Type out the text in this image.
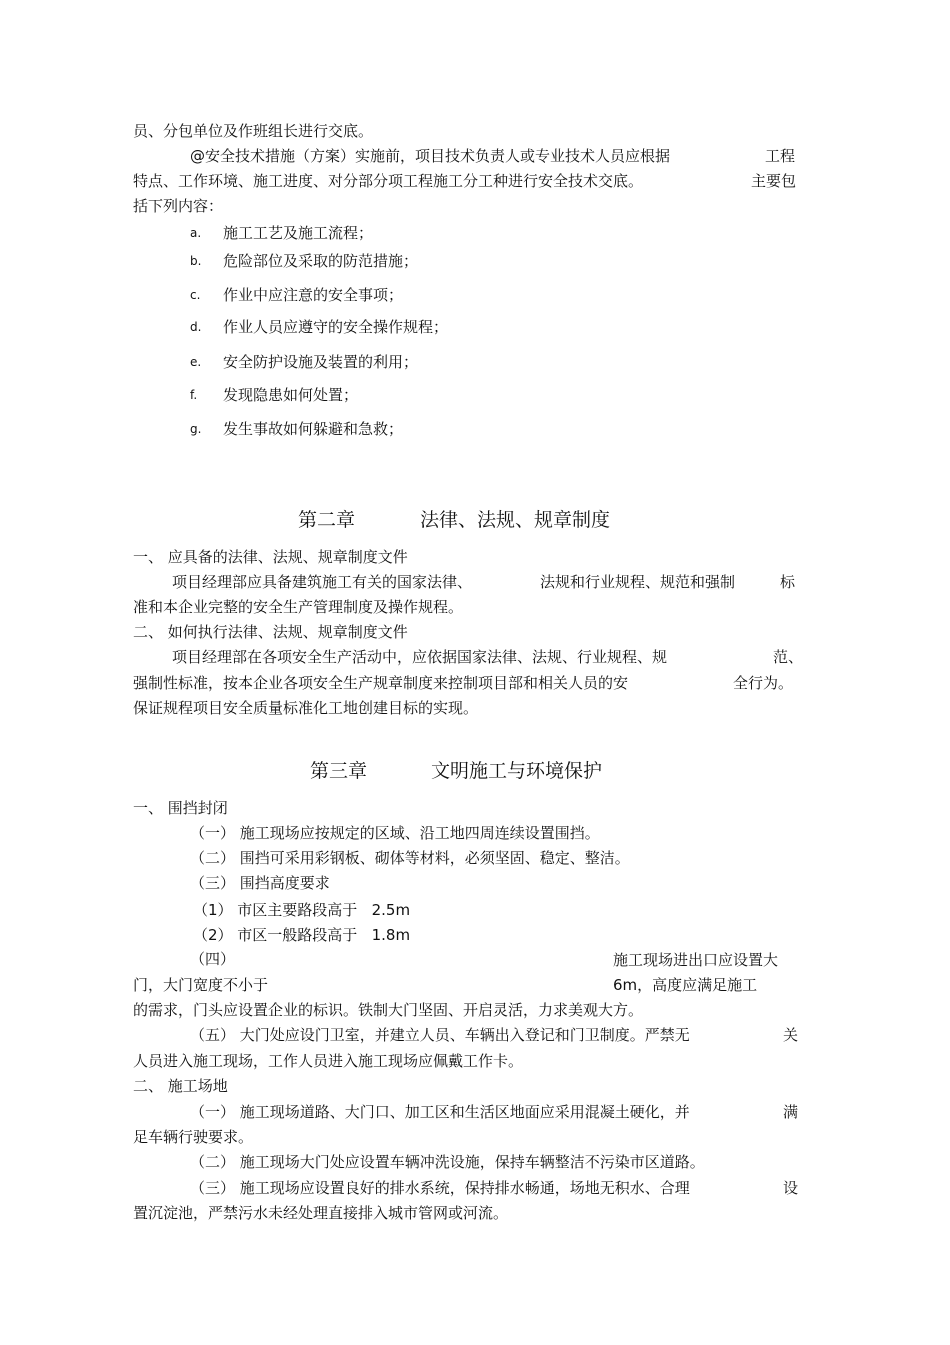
员、分包单位及作班组长进行交底。
@安全技术措施（方案）实施前，项目技术负责人或专业技术人员应根据	工程
特点、工作环境、施工进度、对分部分项工程施工分工种进行安全技术交底。	主要包
括下列内容：
a. 施工工艺及施工流程；
b. 危险部位及采取的防范措施；
c. 作业中应注意的安全事项；
d. 作业人员应遵守的安全操作规程；
e. 安全防护设施及装置的利用；
f. 发现隐患如何处置；
g. 发生事故如何躲避和急救；
第二章	法律、法规、规章制度
一、 应具备的法律、法规、规章制度文件
项目经理部应具备建筑施工有关的国家法律、	法规和行业规程、规范和强制	标
准和本企业完整的安全生产管理制度及操作规程。
二、 如何执行法律、法规、规章制度文件
项目经理部在各项安全生产活动中，应依据国家法律、法规、行业规程、规	范、
强制性标准，按本企业各项安全生产规章制度来控制项目部和相关人员的安	全行为。
保证规程项目安全质量标准化工地创建目标的实现。
第三章	文明施工与环境保护
一、 围挡封闭
（一） 施工现场应按规定的区域、沿工地四周连续设置围挡。
（二） 围挡可采用彩钢板、砌体等材料，必须坚固、稳定、整洁。
（三） 围挡高度要求
（1） 市区主要路段高于   2.5m
（2） 市区一般路段高于   1.8m
（四）	施工现场进出口应设置大
门，大门宽度不小于	6m，高度应满足施工
的需求，门头应设置企业的标识。铁制大门坚固、开启灵活，力求美观大方。
（五） 大门处应设门卫室，并建立人员、车辆出入登记和门卫制度。严禁无	关
人员进入施工现场，工作人员进入施工现场应佩戴工作卡。
二、 施工场地
（一） 施工现场道路、大门口、加工区和生活区地面应采用混凝土硬化，并	满
足车辆行驶要求。
（二） 施工现场大门处应设置车辆冲洗设施，保持车辆整洁不污染市区道路。
（三） 施工现场应设置良好的排水系统，保持排水畅通，场地无积水、合理	设
置沉淀池，严禁污水未经处理直接排入城市管网或河流。
